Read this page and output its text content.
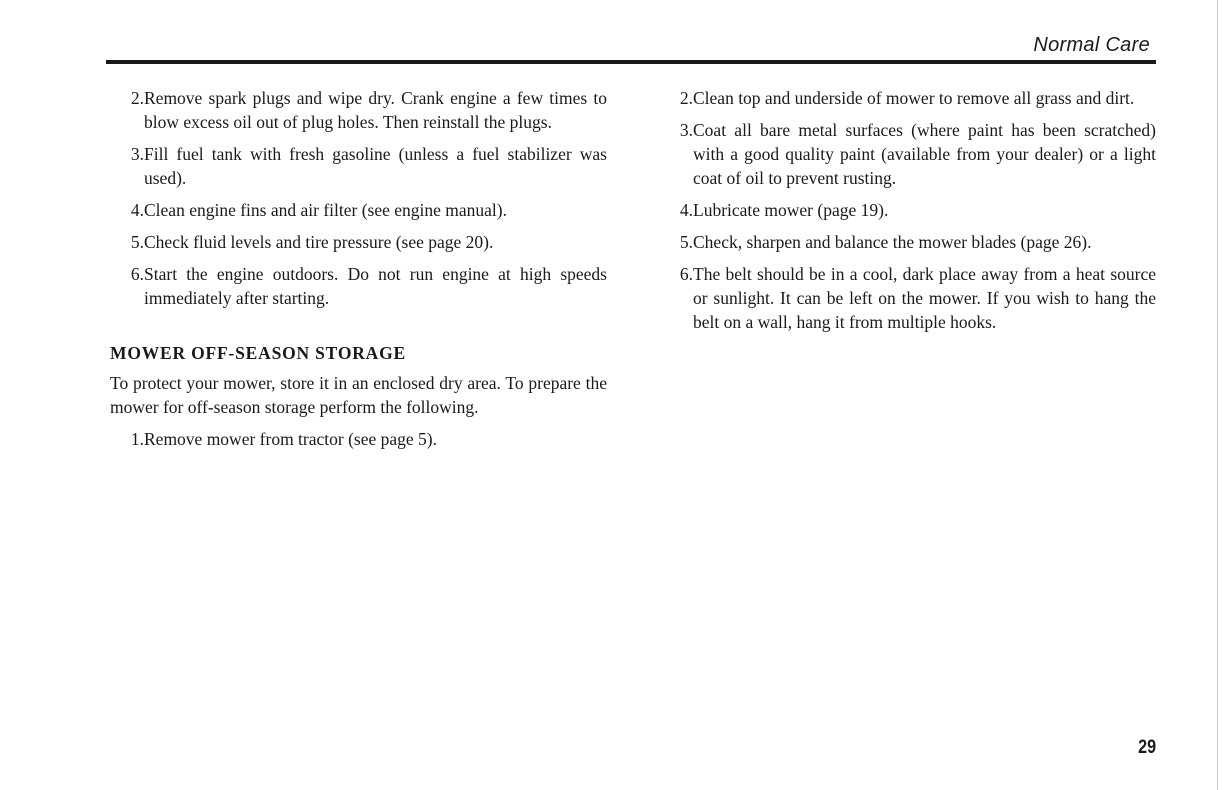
Normal Care
2. Remove spark plugs and wipe dry. Crank engine a few times to blow excess oil out of plug holes. Then reinstall the plugs.
3. Fill fuel tank with fresh gasoline (unless a fuel stabilizer was used).
4. Clean engine fins and air filter (see engine manual).
5. Check fluid levels and tire pressure (see page 20).
6. Start the engine outdoors. Do not run engine at high speeds immediately after starting.
MOWER OFF-SEASON STORAGE
To protect your mower, store it in an enclosed dry area. To prepare the mower for off-season storage perform the following.
1. Remove mower from tractor (see page 5).
2. Clean top and underside of mower to remove all grass and dirt.
3. Coat all bare metal surfaces (where paint has been scratched) with a good quality paint (available from your dealer) or a light coat of oil to prevent rusting.
4. Lubricate mower (page 19).
5. Check, sharpen and balance the mower blades (page 26).
6. The belt should be in a cool, dark place away from a heat source or sunlight. It can be left on the mower. If you wish to hang the belt on a wall, hang it from multiple hooks.
29
